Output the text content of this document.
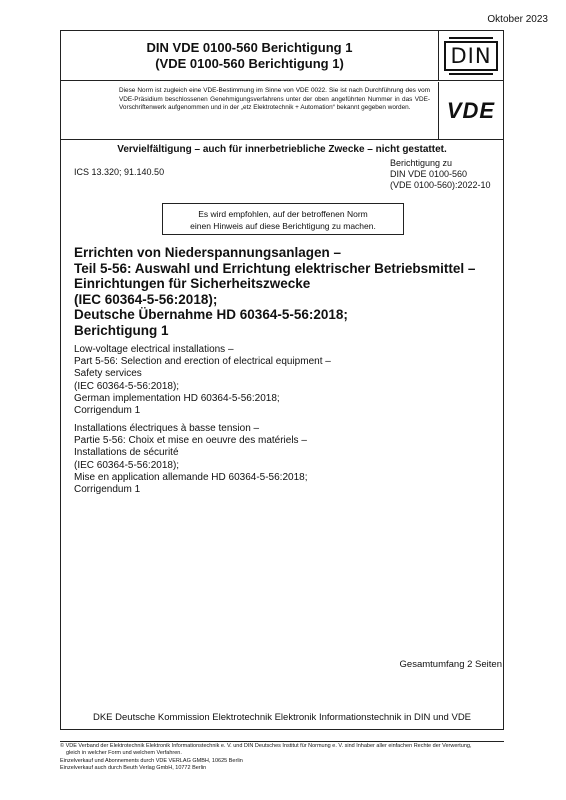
Oktober 2023
DIN VDE 0100-560 Berichtigung 1
(VDE 0100-560 Berichtigung 1)	DIN
Diese Norm ist zugleich eine VDE-Bestimmung im Sinne von VDE 0022. Sie ist nach Durchführung des vom VDE-Präsidium beschlossenen Genehmigungsverfahrens unter der oben angeführten Nummer in das VDE-Vorschriftenwerk aufgenommen und in der „etz Elektrotechnik + Automation“ bekannt gegeben worden.	VDE
Vervielfältigung – auch für innerbetriebliche Zwecke – nicht gestattet.
ICS 13.320; 91.140.50
Berichtigung zu
DIN VDE 0100-560
(VDE 0100-560):2022-10
Es wird empfohlen, auf der betroffenen Norm
einen Hinweis auf diese Berichtigung zu machen.
Errichten von Niederspannungsanlagen –
Teil 5-56: Auswahl und Errichtung elektrischer Betriebsmittel –
Einrichtungen für Sicherheitszwecke
(IEC 60364-5-56:2018);
Deutsche Übernahme HD 60364-5-56:2018;
Berichtigung 1
Low-voltage electrical installations –
Part 5-56: Selection and erection of electrical equipment –
Safety services
(IEC 60364-5-56:2018);
German implementation HD 60364-5-56:2018;
Corrigendum 1
Installations électriques à basse tension –
Partie 5-56: Choix et mise en oeuvre des matériels –
Installations de sécurité
(IEC 60364-5-56:2018);
Mise en application allemande HD 60364-5-56:2018;
Corrigendum 1
Gesamtumfang 2 Seiten
DKE Deutsche Kommission Elektrotechnik Elektronik Informationstechnik in DIN und VDE
© VDE Verband der Elektrotechnik Elektronik Informationstechnik e. V. und DIN Deutsches Institut für Normung e. V. sind Inhaber aller einfachen Rechte der Verwertung,
gleich in welcher Form und welchem Verfahren.
Einzelverkauf und Abonnements durch VDE VERLAG GMBH, 10625 Berlin
Einzelverkauf auch durch Beuth Verlag GmbH, 10772 Berlin
